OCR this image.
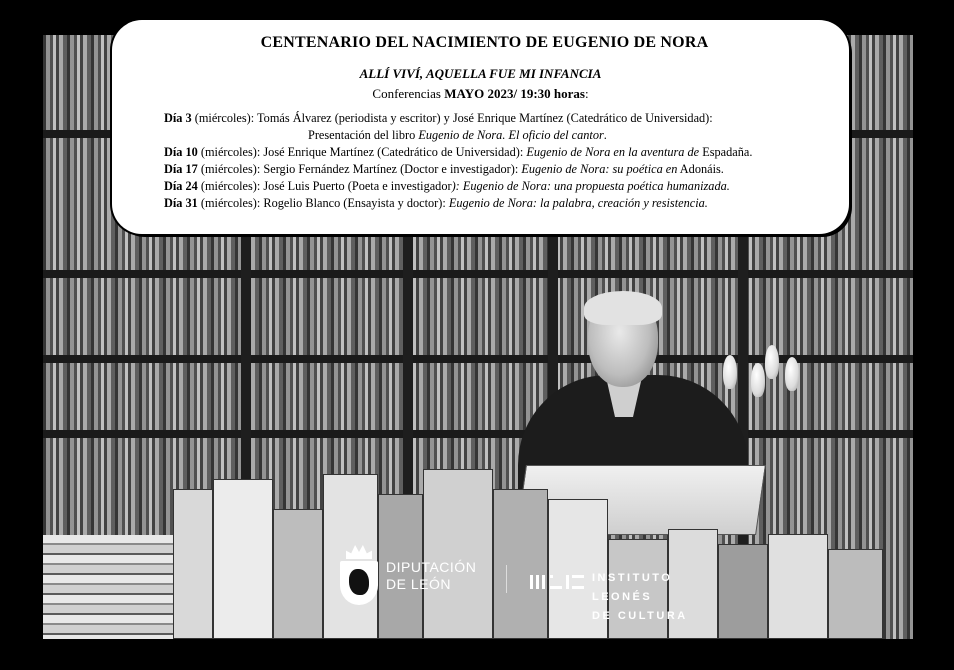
DIPUTACIÓN
DE LEÓN	INSTITUTO
LEONÉS
DE CULTURA
CENTENARIO DEL NACIMIENTO DE EUGENIO DE NORA
ALLÍ VIVÍ, AQUELLA FUE MI INFANCIA
Conferencias MAYO 2023/ 19:30 horas:
Día 3 (miércoles): Tomás Álvarez (periodista y escritor) y José Enrique Martínez (Catedrático de Universidad):
Presentación del libro Eugenio de Nora. El oficio del cantor.
Día 10 (miércoles): José Enrique Martínez (Catedrático de Universidad): Eugenio de Nora en la aventura de Espadaña.
Día 17 (miércoles): Sergio Fernández Martínez (Doctor e investigador): Eugenio de Nora: su poética en Adonáis.
Día 24 (miércoles): José Luis Puerto (Poeta e investigador): Eugenio de Nora: una propuesta poética humanizada.
Día 31 (miércoles): Rogelio Blanco (Ensayista y doctor): Eugenio de Nora: la palabra, creación y resistencia.
